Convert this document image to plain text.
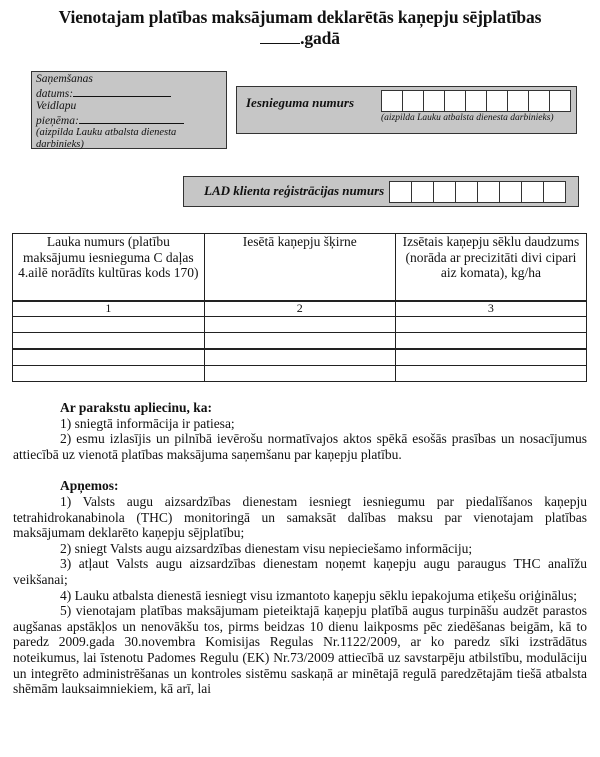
Vienotajam platības maksājumam deklarētās kaņepju sējplatības
.gadā
Saņemšanas
datums:
Veidlapu
pieņēma:
(aizpilda Lauku atbalsta dienesta darbinieks)
Iesnieguma numurs
(aizpilda Lauku atbalsta dienesta darbinieks)
LAD klienta reģistrācijas numurs
Lauka numurs (platību maksājumu iesnieguma C daļas 4.ailē norādīts kultūras kods 170)	Iesētā kaņepju šķirne	Izsētais kaņepju sēklu daudzums (norāda ar precizitāti divi cipari aiz komata), kg/ha
1	2	3

Ar parakstu apliecinu, ka:

1) sniegtā informācija ir patiesa;

2) esmu izlasījis un pilnībā ievērošu normatīvajos aktos spēkā esošās prasības un nosacījumus attiecībā uz vienotā platības maksājuma saņemšanu par kaņepju platību.

Apņemos:

1) Valsts augu aizsardzības dienestam iesniegt iesniegumu par piedalīšanos kaņepju tetrahidrokanabinola (THC) monitoringā un samaksāt dalības maksu par vienotajam platības maksājumam deklarēto kaņepju sējplatību;

2) sniegt Valsts augu aizsardzības dienestam visu nepieciešamo informāciju;

3) atļaut Valsts augu aizsardzības dienestam noņemt kaņepju augu paraugus THC analīžu veikšanai;

4) Lauku atbalsta dienestā iesniegt visu izmantoto kaņepju sēklu iepakojuma etiķešu oriģinālus;

5) vienotajam platības maksājumam pieteiktajā kaņepju platībā augus turpināšu audzēt parastos augšanas apstākļos un nenovākšu tos, pirms beidzas 10 dienu laikposms pēc ziedēšanas beigām, kā to paredz 2009.gada 30.novembra Komisijas Regulas Nr.1122/2009, ar ko paredz sīki izstrādātus noteikumus, lai īstenotu Padomes Regulu (EK) Nr.73/2009 attiecībā uz savstarpēju atbilstību, modulāciju un integrēto administrēšanas un kontroles sistēmu saskaņā ar minētajā regulā paredzētajām tiešā atbalsta shēmām lauksaimniekiem, kā arī, lai
